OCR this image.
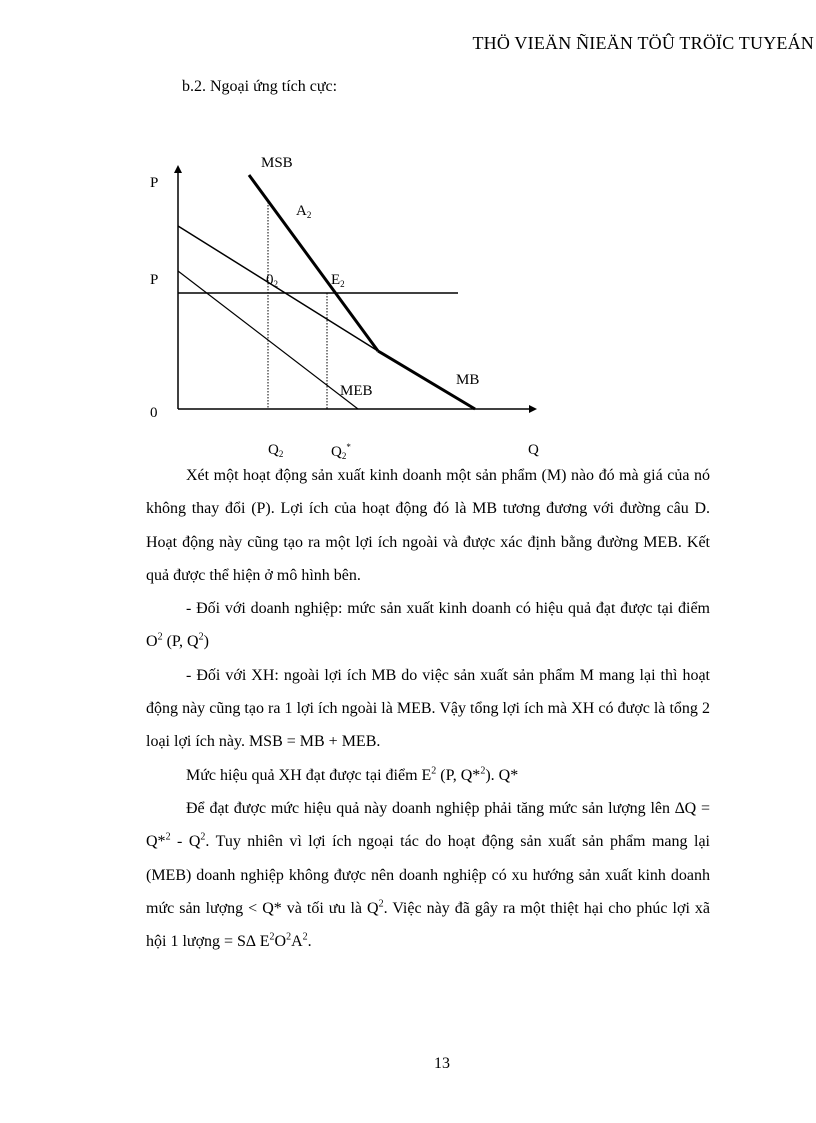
THÖ VIEÄN ÑIEÄN TÖÛ TRÖÏC TUYEÁN
b.2. Ngoại ứng tích cực:
MSB
P
$A_2$
P	$0_2$	$E_2$
MB
MEB
0
$Q_2$	$Q_2^*$	Q

Xét một hoạt động sản xuất kinh doanh một sản phẩm (M) nào đó mà giá của nó không thay đổi (P). Lợi ích của hoạt động đó là MB tương đương với đường câu D. Hoạt động này cũng tạo ra một lợi ích ngoài và được xác định bằng đường MEB. Kết quả được thể hiện ở mô hình bên.

- Đối với doanh nghiệp: mức sản xuất kinh doanh có hiệu quả đạt được tại điểm $O^2$ (P, $Q^2$)

- Đối với XH: ngoài lợi ích MB do việc sản xuất sản phẩm M mang lại thì hoạt động này cũng tạo ra 1 lợi ích ngoài là MEB. Vậy tổng lợi ích mà XH có được là tổng 2 loại lợi ích này. MSB = MB + MEB.

Mức hiệu quả XH đạt được tại điểm $E^2$ (P, Q*$^2$). Q*

Để đạt được mức hiệu quả này doanh nghiệp phải tăng mức sản lượng lên $\Delta Q = Q*^2 - Q^2$. Tuy nhiên vì lợi ích ngoại tác do hoạt động sản xuất sản phẩm mang lại (MEB) doanh nghiệp không được nên doanh nghiệp có xu hướng sản xuất kinh doanh mức sản lượng < Q* và tối ưu là $Q^2$. Việc này đã gây ra một thiệt hại cho phúc lợi xã hội 1 lượng = S∆ $E^2O^2A^2$.

13
